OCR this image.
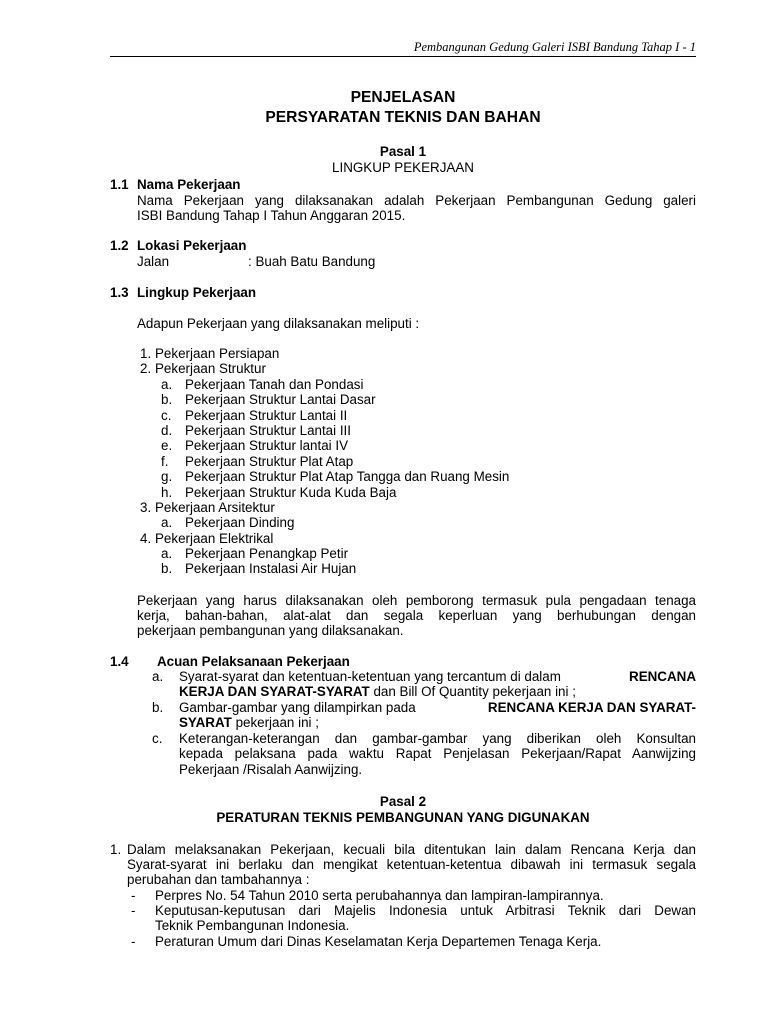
Pembangunan Gedung Galeri ISBI Bandung Tahap I - 1
PENJELASAN
PERSYARATAN TEKNIS DAN BAHAN
Pasal 1
LINGKUP PEKERJAAN
1.1 Nama Pekerjaan
Nama Pekerjaan yang dilaksanakan adalah Pekerjaan Pembangunan Gedung galeri
ISBI Bandung Tahap I Tahun Anggaran 2015.
1.2 Lokasi Pekerjaan
Jalan	: Buah Batu Bandung
1.3 Lingkup Pekerjaan
Adapun Pekerjaan yang dilaksanakan meliputi :
1. Pekerjaan Persiapan
2. Pekerjaan Struktur
a. Pekerjaan Tanah dan Pondasi
b. Pekerjaan Struktur Lantai Dasar
c. Pekerjaan Struktur Lantai II
d. Pekerjaan Struktur Lantai III
e. Pekerjaan Struktur lantai IV
f. Pekerjaan Struktur Plat Atap
g. Pekerjaan Struktur Plat Atap Tangga dan Ruang Mesin
h. Pekerjaan Struktur Kuda Kuda Baja
3. Pekerjaan Arsitektur
a. Pekerjaan Dinding
4. Pekerjaan Elektrikal
a. Pekerjaan Penangkap Petir
b. Pekerjaan Instalasi Air Hujan
Pekerjaan yang harus dilaksanakan oleh pemborong termasuk pula pengadaan tenaga
kerja, bahan-bahan, alat-alat dan segala keperluan yang berhubungan dengan
pekerjaan pembangunan yang dilaksanakan.
1.4 Acuan Pelaksanaan Pekerjaan
a. Syarat-syarat dan ketentuan-ketentuan yang tercantum di dalam	RENCANA
KERJA DAN SYARAT-SYARAT dan Bill Of Quantity pekerjaan ini ;
b. Gambar-gambar yang dilampirkan pada	RENCANA KERJA DAN SYARAT-
SYARAT pekerjaan ini ;
c. Keterangan-keterangan dan gambar-gambar yang diberikan oleh Konsultan
kepada pelaksana pada waktu Rapat Penjelasan Pekerjaan/Rapat Aanwijzing
Pekerjaan /Risalah Aanwijzing.
Pasal 2
PERATURAN TEKNIS PEMBANGUNAN YANG DIGUNAKAN
1. Dalam melaksanakan Pekerjaan, kecuali bila ditentukan lain dalam Rencana Kerja dan
Syarat-syarat ini berlaku dan mengikat ketentuan-ketentua dibawah ini termasuk segala
perubahan dan tambahannya :
- Perpres No. 54 Tahun 2010 serta perubahannya dan lampiran-lampirannya.
- Keputusan-keputusan dari Majelis Indonesia untuk Arbitrasi Teknik dari Dewan
Teknik Pembangunan Indonesia.
- Peraturan Umum dari Dinas Keselamatan Kerja Departemen Tenaga Kerja.
